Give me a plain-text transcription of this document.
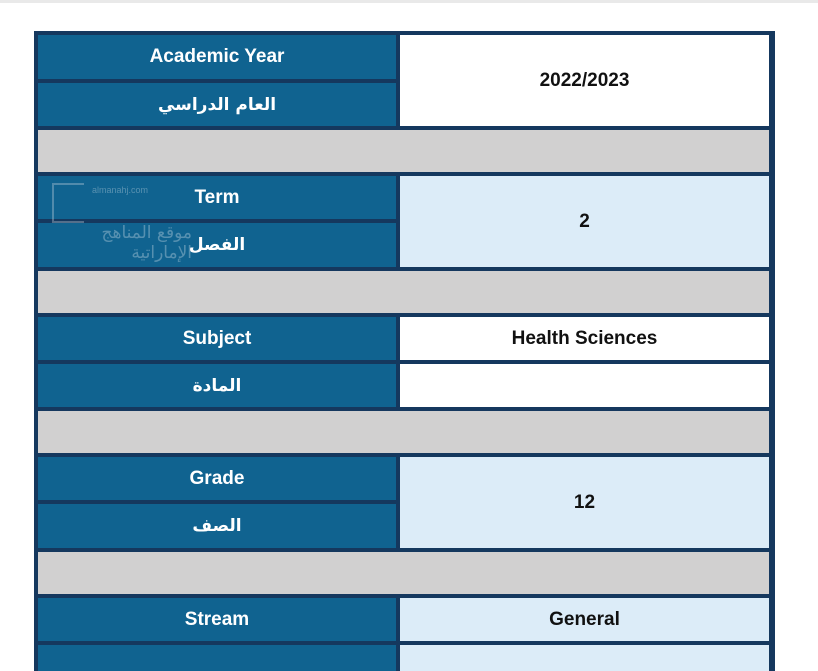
Academic Year
العام الدراسي
2022/2023
Term
الفصل
2
Subject
المادة
Health Sciences
Grade
الصف
12
Stream	General
almanahj.com
موقع المناهج الإماراتية
